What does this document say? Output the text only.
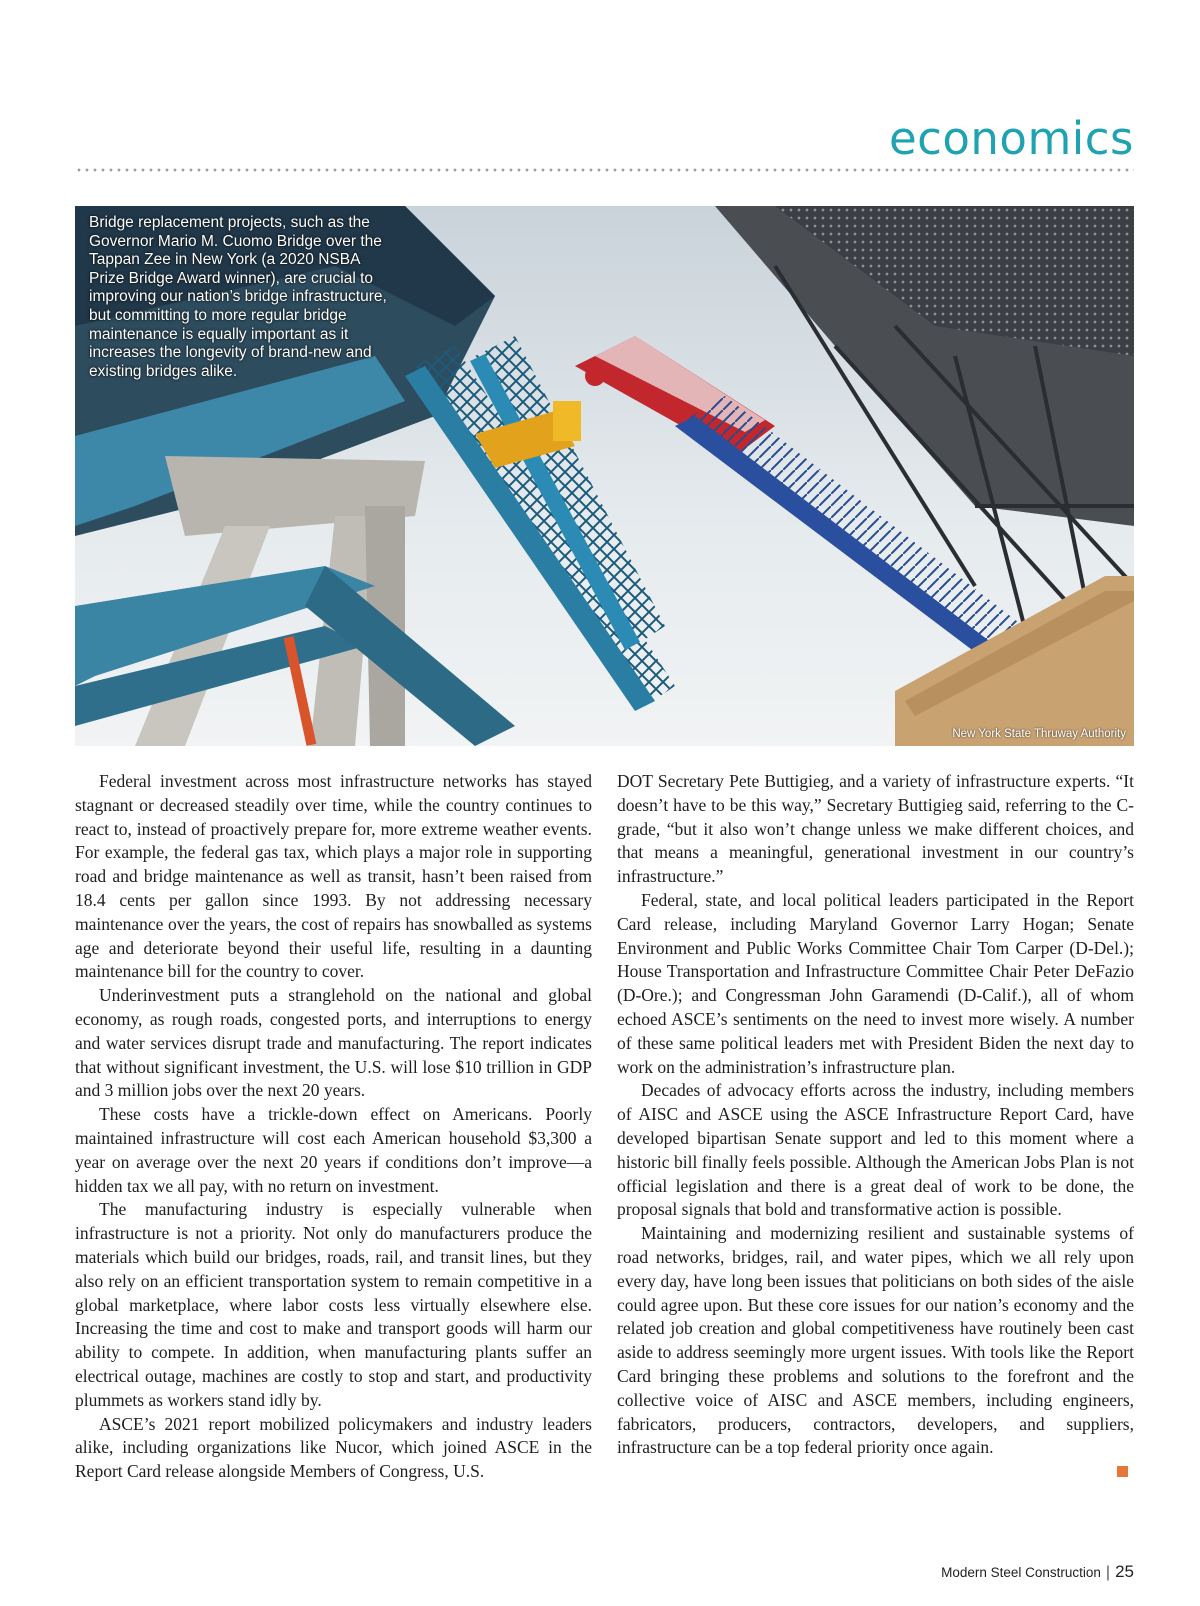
economics

Bridge replacement projects, such as the Governor Mario M. Cuomo Bridge over the Tappan Zee in New York (a 2020 NSBA Prize Bridge Award winner), are crucial to improving our nation’s bridge infrastructure, but committing to more regular bridge maintenance is equally important as it increases the longevity of brand-new and existing bridges alike.

New York State Thruway Authority

Federal investment across most infrastructure networks has stayed stagnant or decreased steadily over time, while the country continues to react to, instead of proactively prepare for, more extreme weather events. For example, the federal gas tax, which plays a major role in supporting road and bridge maintenance as well as transit, hasn’t been raised from 18.4 cents per gallon since 1993. By not addressing necessary maintenance over the years, the cost of repairs has snowballed as systems age and deteriorate beyond their useful life, resulting in a daunting maintenance bill for the country to cover.

Underinvestment puts a stranglehold on the national and global economy, as rough roads, congested ports, and interruptions to energy and water services disrupt trade and manufacturing. The report indicates that without significant investment, the U.S. will lose $10 trillion in GDP and 3 million jobs over the next 20 years.

These costs have a trickle-down effect on Americans. Poorly maintained infrastructure will cost each American household $3,300 a year on average over the next 20 years if conditions don’t improve—a hidden tax we all pay, with no return on investment.

The manufacturing industry is especially vulnerable when infrastructure is not a priority. Not only do manufacturers produce the materials which build our bridges, roads, rail, and transit lines, but they also rely on an efficient transportation system to remain competitive in a global marketplace, where labor costs less virtually elsewhere else. Increasing the time and cost to make and transport goods will harm our ability to compete. In addition, when manufacturing plants suffer an electrical outage, machines are costly to stop and start, and productivity plummets as workers stand idly by.

ASCE’s 2021 report mobilized policymakers and industry leaders alike, including organizations like Nucor, which joined ASCE in the Report Card release alongside Members of Congress, U.S.

DOT Secretary Pete Buttigieg, and a variety of infrastructure experts. “It doesn’t have to be this way,” Secretary Buttigieg said, referring to the C- grade, “but it also won’t change unless we make different choices, and that means a meaningful, generational investment in our country’s infrastructure.”

Federal, state, and local political leaders participated in the Report Card release, including Maryland Governor Larry Hogan; Senate Environment and Public Works Committee Chair Tom Carper (D-Del.); House Transportation and Infrastructure Committee Chair Peter DeFazio (D-Ore.); and Congressman John Garamendi (D-Calif.), all of whom echoed ASCE’s sentiments on the need to invest more wisely. A number of these same political leaders met with President Biden the next day to work on the administration’s infrastructure plan.

Decades of advocacy efforts across the industry, including members of AISC and ASCE using the ASCE Infrastructure Report Card, have developed bipartisan Senate support and led to this moment where a historic bill finally feels possible. Although the American Jobs Plan is not official legislation and there is a great deal of work to be done, the proposal signals that bold and transformative action is possible.

Maintaining and modernizing resilient and sustainable systems of road networks, bridges, rail, and water pipes, which we all rely upon every day, have long been issues that politicians on both sides of the aisle could agree upon. But these core issues for our nation’s economy and the related job creation and global competitiveness have routinely been cast aside to address seemingly more urgent issues. With tools like the Report Card bringing these problems and solutions to the forefront and the collective voice of AISC and ASCE members, including engineers, fabricators, producers, contractors, developers, and suppliers, infrastructure can be a top federal priority once again.

Modern Steel Construction | 25
